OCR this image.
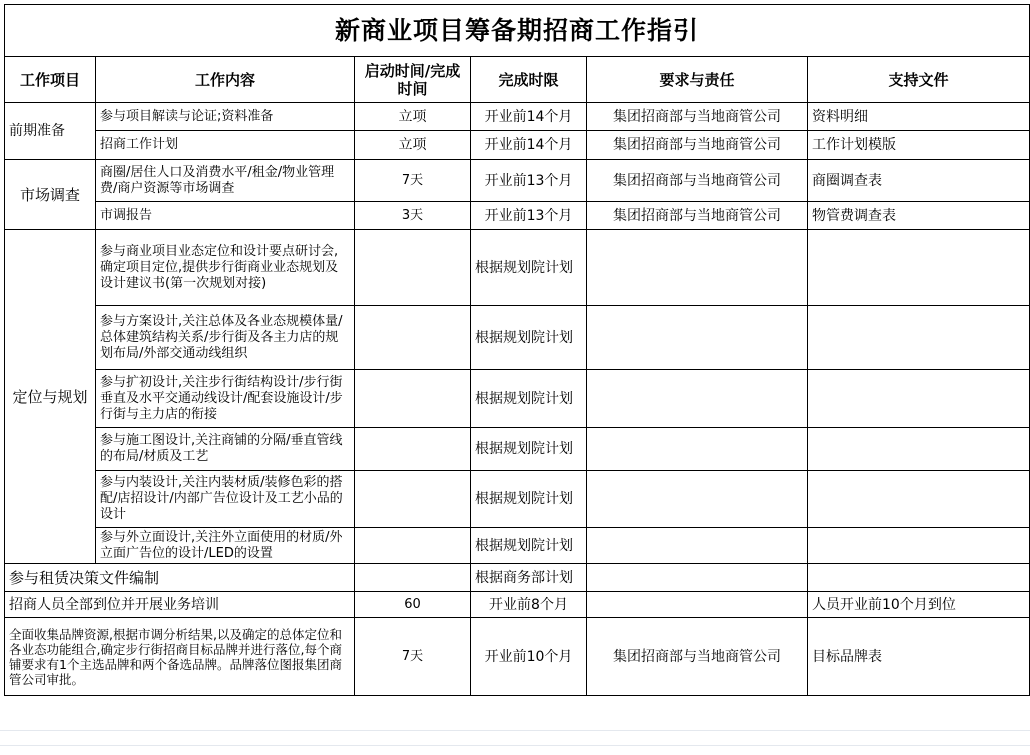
新商业项目筹备期招商工作指引					
工作项目	工作内容	启动时间/完成时间	完成时限	要求与责任	支持文件
前期准备	参与项目解读与论证;资料准备	立项	开业前14个月	集团招商部与当地商管公司	资料明细
	招商工作计划	立项	开业前14个月	集团招商部与当地商管公司	工作计划模版
市场调查	商圈/居住人口及消费水平/租金/物业管理费/商户资源等市场调查	7天	开业前13个月	集团招商部与当地商管公司	商圈调查表
	市调报告	3天	开业前13个月	集团招商部与当地商管公司	物管费调查表
定位与规划	参与商业项目业态定位和设计要点研讨会,确定项目定位,提供步行街商业业态规划及设计建议书(第一次规划对接)		根据规划院计划		
	参与方案设计,关注总体及各业态规模体量/总体建筑结构关系/步行街及各主力店的规划布局/外部交通动线组织		根据规划院计划		
	参与扩初设计,关注步行街结构设计/步行街垂直及水平交通动线设计/配套设施设计/步行街与主力店的衔接		根据规划院计划		
	参与施工图设计,关注商铺的分隔/垂直管线的布局/材质及工艺		根据规划院计划		
	参与内装设计,关注内装材质/装修色彩的搭配/店招设计/内部广告位设计及工艺小品的设计		根据规划院计划		
	参与外立面设计,关注外立面使用的材质/外立面广告位的设计/LED的设置		根据规划院计划		
参与租赁决策文件编制			根据商务部计划		
招商人员全部到位并开展业务培训		60	开业前8个月		人员开业前10个月到位
全面收集品牌资源,根据市调分析结果,以及确定的总体定位和各业态功能组合,确定步行街招商目标品牌并进行落位,每个商铺要求有1个主选品牌和两个备选品牌。品牌落位图报集团商管公司审批。		7天	开业前10个月	集团招商部与当地商管公司	目标品牌表
